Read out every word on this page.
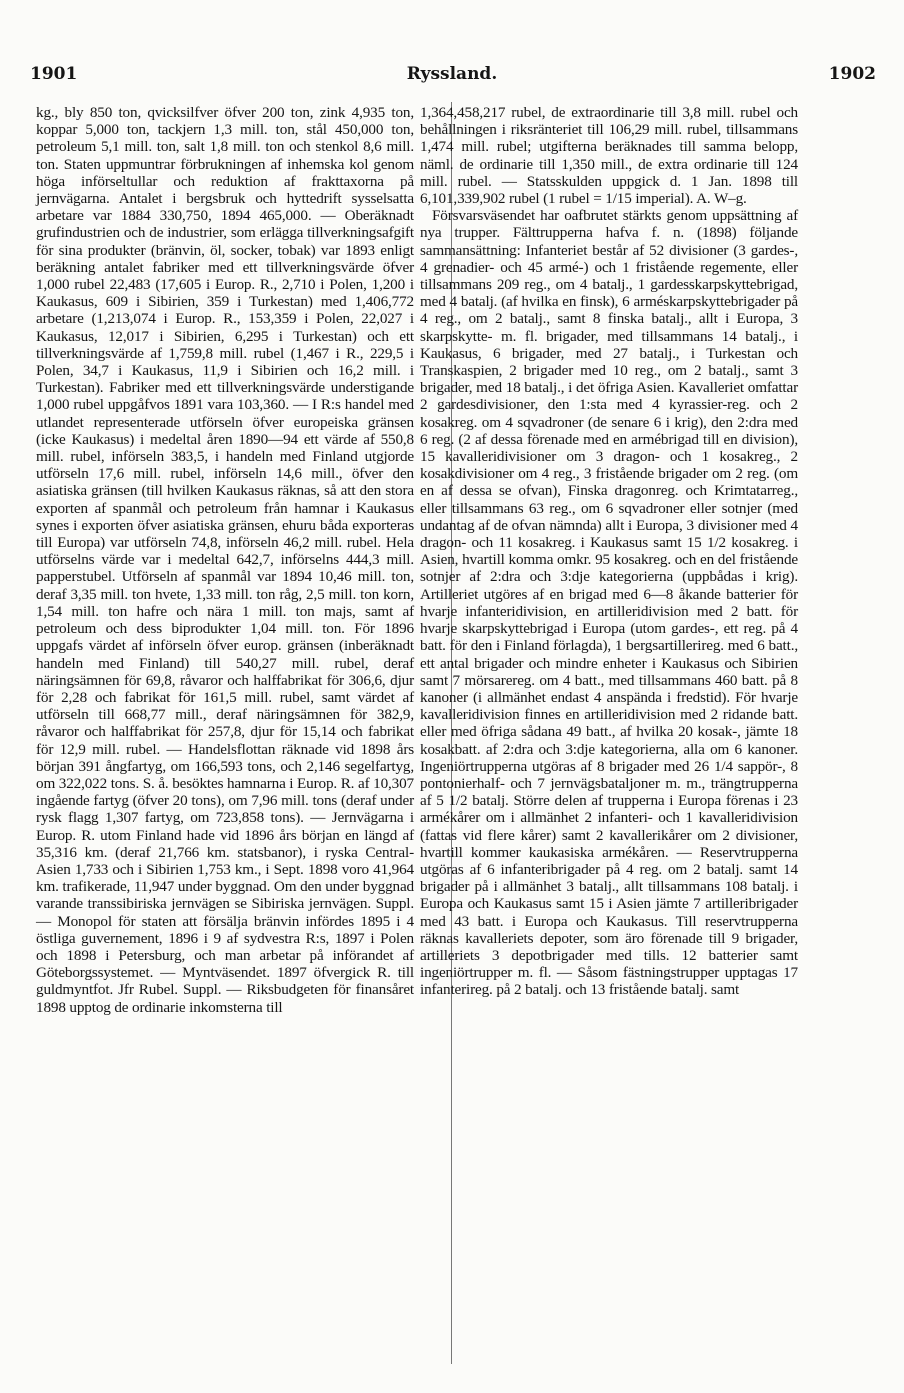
1901	Ryssland.	1902

kg., bly 850 ton, qvicksilfver öfver 200 ton, zink 4,935 ton, koppar 5,000 ton, tackjern 1,3 mill. ton, stål 450,000 ton, petroleum 5,1 mill. ton, salt 1,8 mill. ton och stenkol 8,6 mill. ton. Staten uppmuntrar förbrukningen af inhemska kol genom höga införseltullar och reduktion af frakttaxorna på jernvägarna. Antalet i bergsbruk och hyttedrift sysselsatta arbetare var 1884 330,750, 1894 465,000. — Oberäknadt grufindustrien och de industrier, som erlägga tillverkningsafgift för sina produkter (bränvin, öl, socker, tobak) var 1893 enligt beräkning antalet fabriker med ett tillverkningsvärde öfver 1,000 rubel 22,483 (17,605 i Europ. R., 2,710 i Polen, 1,200 i Kaukasus, 609 i Sibirien, 359 i Turkestan) med 1,406,772 arbetare (1,213,074 i Europ. R., 153,359 i Polen, 22,027 i Kaukasus, 12,017 i Sibirien, 6,295 i Turkestan) och ett tillverkningsvärde af 1,759,8 mill. rubel (1,467 i R., 229,5 i Polen, 34,7 i Kaukasus, 11,9 i Sibirien och 16,2 mill. i Turkestan). Fabriker med ett tillverkningsvärde understigande 1,000 rubel uppgåfvos 1891 vara 103,360. — I R:s handel med utlandet representerade utförseln öfver europeiska gränsen (icke Kaukasus) i medeltal åren 1890—94 ett värde af 550,8 mill. rubel, införseln 383,5, i handeln med Finland utgjorde utförseln 17,6 mill. rubel, införseln 14,6 mill., öfver den asiatiska gränsen (till hvilken Kaukasus räknas, så att den stora exporten af spanmål och petroleum från hamnar i Kaukasus synes i exporten öfver asiatiska gränsen, ehuru båda exporteras till Europa) var utförseln 74,8, införseln 46,2 mill. rubel. Hela utförselns värde var i medeltal 642,7, införselns 444,3 mill. papperstubel. Utförseln af spanmål var 1894 10,46 mill. ton, deraf 3,35 mill. ton hvete, 1,33 mill. ton råg, 2,5 mill. ton korn, 1,54 mill. ton hafre och nära 1 mill. ton majs, samt af petroleum och dess biprodukter 1,04 mill. ton. För 1896 uppgafs värdet af införseln öfver europ. gränsen (inberäknadt handeln med Finland) till 540,27 mill. rubel, deraf näringsämnen för 69,8, råvaror och halffabrikat för 306,6, djur för 2,28 och fabrikat för 161,5 mill. rubel, samt värdet af utförseln till 668,77 mill., deraf näringsämnen för 382,9, råvaror och halffabrikat för 257,8, djur för 15,14 och fabrikat för 12,9 mill. rubel. — Handelsflottan räknade vid 1898 års början 391 ångfartyg, om 166,593 tons, och 2,146 segelfartyg, om 322,022 tons. S. å. besöktes hamnarna i Europ. R. af 10,307 ingående fartyg (öfver 20 tons), om 7,96 mill. tons (deraf under rysk flagg 1,307 fartyg, om 723,858 tons). — Jernvägarna i Europ. R. utom Finland hade vid 1896 års början en längd af 35,316 km. (deraf 21,766 km. statsbanor), i ryska Central-Asien 1,733 och i Sibirien 1,753 km., i Sept. 1898 voro 41,964 km. trafikerade, 11,947 under byggnad. Om den under byggnad varande transsibiriska jernvägen se Sibiriska jernvägen. Suppl. — Monopol för staten att försälja bränvin infördes 1895 i 4 östliga guvernement, 1896 i 9 af sydvestra R:s, 1897 i Polen och 1898 i Petersburg, och man arbetar på införandet af Göteborgssystemet. — Myntväsendet. 1897 öfvergick R. till guldmyntfot. Jfr Rubel. Suppl. — Riksbudgeten för finansåret 1898 upptog de ordinarie inkomsterna till

1,364,458,217 rubel, de extraordinarie till 3,8 mill. rubel och behållningen i riksränteriet till 106,29 mill. rubel, tillsammans 1,474 mill. rubel; utgifterna beräknades till samma belopp, näml. de ordinarie till 1,350 mill., de extra ordinarie till 124 mill. rubel. — Statsskulden uppgick d. 1 Jan. 1898 till 6,101,339,902 rubel (1 rubel = 1/15 imperial). A. W–g.

Försvarsväsendet har oafbrutet stärkts genom uppsättning af nya trupper. Fälttrupperna hafva f. n. (1898) följande sammansättning: Infanteriet består af 52 divisioner (3 gardes-, 4 grenadier- och 45 armé-) och 1 fristående regemente, eller tillsammans 209 reg., om 4 batalj., 1 gardesskarpskyttebrigad, med 4 batalj. (af hvilka en finsk), 6 arméskarpskyttebrigader på 4 reg., om 2 batalj., samt 8 finska batalj., allt i Europa, 3 skarpskytte- m. fl. brigader, med tillsammans 14 batalj., i Kaukasus, 6 brigader, med 27 batalj., i Turkestan och Transkaspien, 2 brigader med 10 reg., om 2 batalj., samt 3 brigader, med 18 batalj., i det öfriga Asien. Kavalleriet omfattar 2 gardesdivisioner, den 1:sta med 4 kyrassier-reg. och 2 kosakreg. om 4 sqvadroner (de senare 6 i krig), den 2:dra med 6 reg. (2 af dessa förenade med en armébrigad till en division), 15 kavalleridivisioner om 3 dragon- och 1 kosakreg., 2 kosakdivisioner om 4 reg., 3 fristående brigader om 2 reg. (om en af dessa se ofvan), Finska dragonreg. och Krimtatarreg., eller tillsammans 63 reg., om 6 sqvadroner eller sotnjer (med undantag af de ofvan nämnda) allt i Europa, 3 divisioner med 4 dragon- och 11 kosakreg. i Kaukasus samt 15 1/2 kosakreg. i Asien, hvartill komma omkr. 95 kosakreg. och en del fristående sotnjer af 2:dra och 3:dje kategorierna (uppbådas i krig). Artilleriet utgöres af en brigad med 6—8 åkande batterier för hvarje infanteridivision, en artilleridivision med 2 batt. för hvarje skarpskyttebrigad i Europa (utom gardes-, ett reg. på 4 batt. för den i Finland förlagda), 1 bergsartillerireg. med 6 batt., ett antal brigader och mindre enheter i Kaukasus och Sibirien samt 7 mörsarereg. om 4 batt., med tillsammans 460 batt. på 8 kanoner (i allmänhet endast 4 anspända i fredstid). För hvarje kavalleridivision finnes en artilleridivision med 2 ridande batt. eller med öfriga sådana 49 batt., af hvilka 20 kosak-, jämte 18 kosakbatt. af 2:dra och 3:dje kategorierna, alla om 6 kanoner. Ingeniörtrupperna utgöras af 8 brigader med 26 1/4 sappör-, 8 pontonierhalf- och 7 jernvägsbataljoner m. m., trängtrupperna af 5 1/2 batalj. Större delen af trupperna i Europa förenas i 23 armékårer om i allmänhet 2 infanteri- och 1 kavalleridivision (fattas vid flere kårer) samt 2 kavallerikårer om 2 divisioner, hvartill kommer kaukasiska armékåren. — Reservtrupperna utgöras af 6 infanteribrigader på 4 reg. om 2 batalj. samt 14 brigader på i allmänhet 3 batalj., allt tillsammans 108 batalj. i Europa och Kaukasus samt 15 i Asien jämte 7 artilleribrigader med 43 batt. i Europa och Kaukasus. Till reservtrupperna räknas kavalleriets depoter, som äro förenade till 9 brigader, artilleriets 3 depotbrigader med tills. 12 batterier samt ingeniörtrupper m. fl. — Såsom fästningstrupper upptagas 17 infanterireg. på 2 batalj. och 13 fristående batalj. samt
